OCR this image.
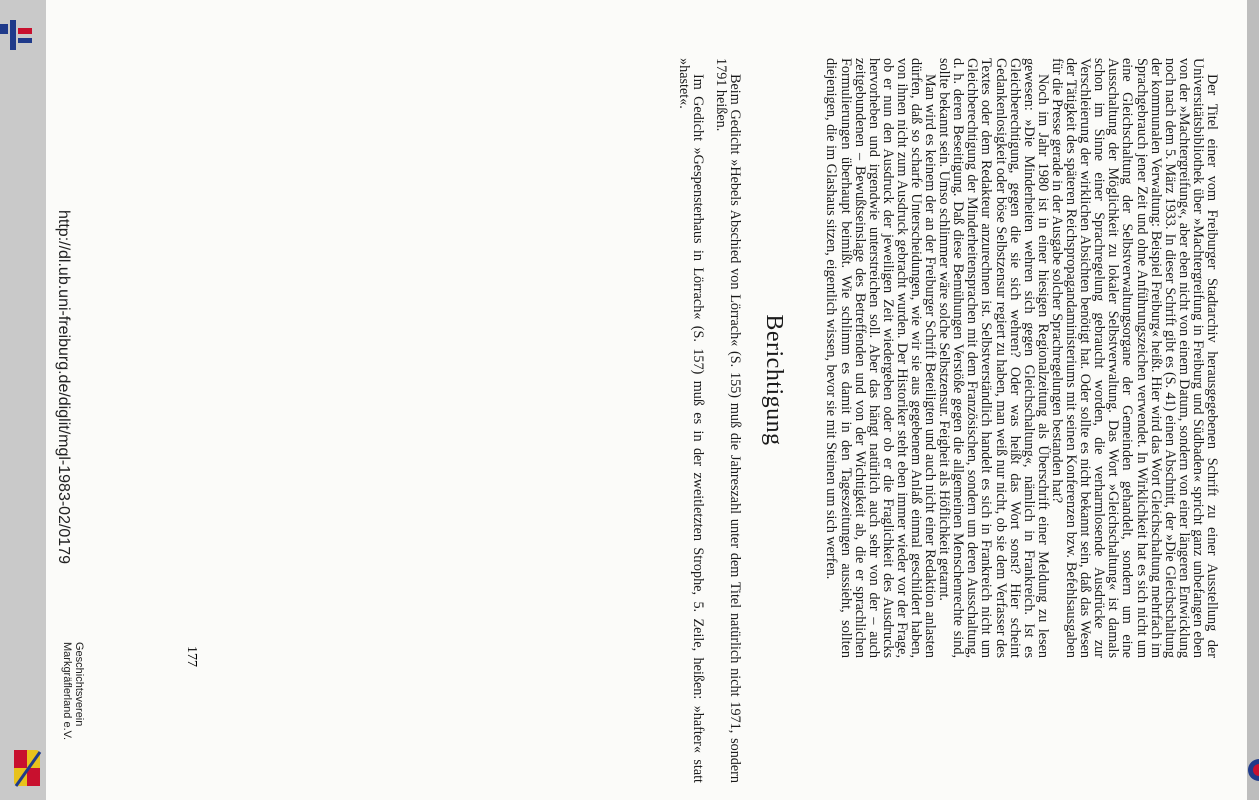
Der Titel einer vom Freiburger Stadtarchiv herausgegebenen Schrift zu einer Ausstellung der Universitätsbibliothek über »Machtergreifung in Freiburg und Südbaden« spricht ganz unbefangen eben von der »Machtergreifung«, aber eben nicht von einem Datum, sondern von einer längeren Entwicklung noch nach dem 5. März 1933. In dieser Schrift gibt es (S. 41) einen Abschnitt, der »Die Gleichschaltung der kommunalen Verwaltung: Beispiel Freiburg« heißt. Hier wird das Wort Gleichschaltung mehrfach im Sprachgebrauch jener Zeit und ohne Anführungszeichen verwendet. In Wirklichkeit hat es sich nicht um eine Gleichschaltung der Selbstverwaltungsorgane der Gemeinden gehandelt, sondern um eine Ausschaltung der Möglichkeit zu lokaler Selbstverwaltung. Das Wort »Gleichschaltung« ist damals schon im Sinne einer Sprachregelung gebraucht worden, die verharmlosende Ausdrücke zur Verschleierung der wirklichen Absichten benötigt hat. Oder sollte es nicht bekannt sein, daß das Wesen der Tätigkeit des späteren Reichspropagandaministeriums mit seinen Konferenzen bzw. Befehlsausgaben für die Presse gerade in der Ausgabe solcher Sprachregelungen bestanden hat?

Noch im Jahr 1980 ist in einer hiesigen Regionalzeitung als Überschrift einer Meldung zu lesen gewesen: »Die Minderheiten wehren sich gegen Gleichschaltung«, nämlich in Frankreich. Ist es Gleichberechtigung, gegen die sie sich wehren? Oder was heißt das Wort sonst? Hier scheint Gedankenlosigkeit oder böse Selbstzensur regiert zu haben, man weiß nur nicht, ob sie dem Verfasser des Textes oder dem Redakteur anzurechnen ist. Selbstverständlich handelt es sich in Frankreich nicht um Gleichberechtigung der Minderheitensprachen mit dem Französischen, sondern um deren Ausschaltung, d. h. deren Beseitigung. Daß diese Bemühungen Verstöße gegen die allgemeinen Menschenrechte sind, sollte bekannt sein. Umso schlimmer wäre solche Selbstzensur. Feigheit als Höflichkeit getarnt.

Man wird es keinem der an der Freiburger Schrift Beteiligten und auch nicht einer Redaktion anlasten dürfen, daß so scharfe Unterscheidungen, wie wir sie aus gegebenem Anlaß einmal geschildert haben, von ihnen nicht zum Ausdruck gebracht wurden. Der Historiker steht eben immer wieder vor der Frage, ob er nun den Ausdruck der jeweiligen Zeit wiedergeben oder ob er die Fraglichkeit des Ausdrucks hervorheben und irgendwie unterstreichen soll. Aber das hängt natürlich auch sehr von der – auch zeitgebundenen – Bewußtseinslage des Betreffenden und von der Wichtigkeit ab, die er sprachlichen Formulierungen überhaupt beimißt. Wie schlimm es damit in den Tageszeitungen aussieht, sollten diejenigen, die im Glashaus sitzen, eigentlich wissen, bevor sie mit Steinen um sich werfen.

Berichtigung

Beim Gedicht »Hebels Abschied von Lörrach« (S. 155) muß die Jahreszahl unter dem Titel natürlich nicht 1971, sondern 1791 heißen.

Im Gedicht »Gespensterhaus in Lörrach« (S. 157) muß es in der zweitletzten Strophe, 5. Zeile, heißen: »hafter« statt »hastet«.

177
http://dl.ub.uni-freiburg.de/diglit/mgl-1983-02/0179
Geschichtsverein
Markgräflerland e.V.
